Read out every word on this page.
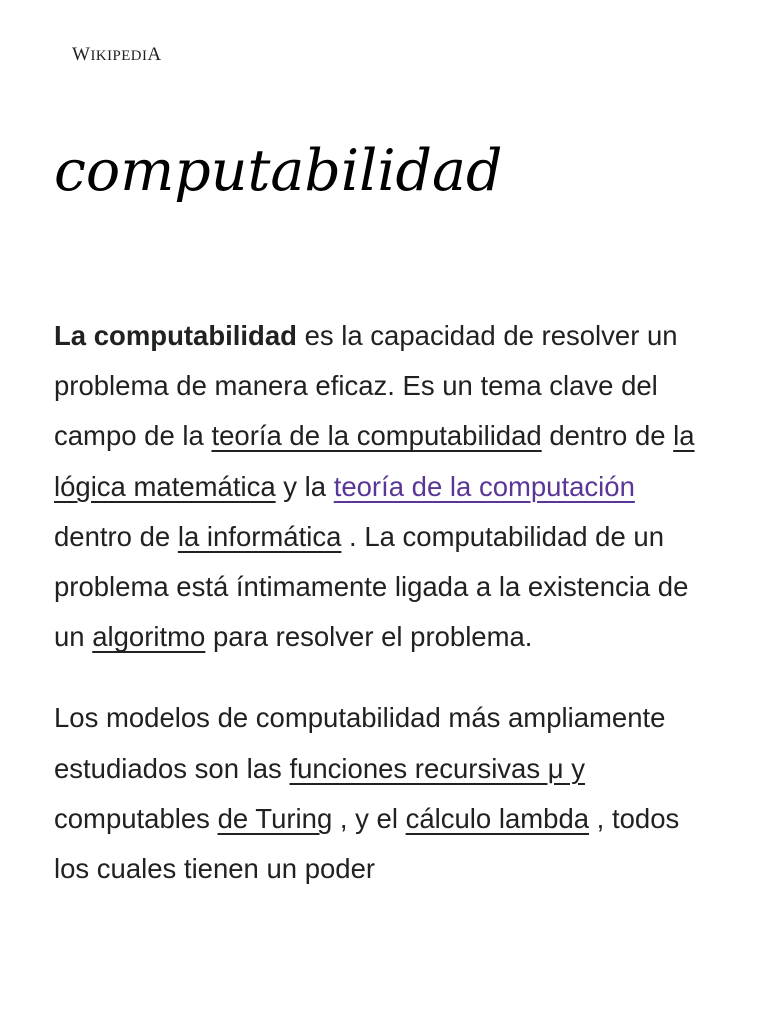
WIKIPEDIA
computabilidad

La computabilidad es la capacidad de resolver un problema de manera eficaz. Es un tema clave del campo de la teoría de la computabilidad dentro de la lógica matemática y la teoría de la computación dentro de la informática . La computabilidad de un problema está íntimamente ligada a la existencia de un algoritmo para resolver el problema.

Los modelos de computabilidad más ampliamente estudiados son las funciones recursivas μ y computables de Turing , y el cálculo lambda , todos los cuales tienen un poder
